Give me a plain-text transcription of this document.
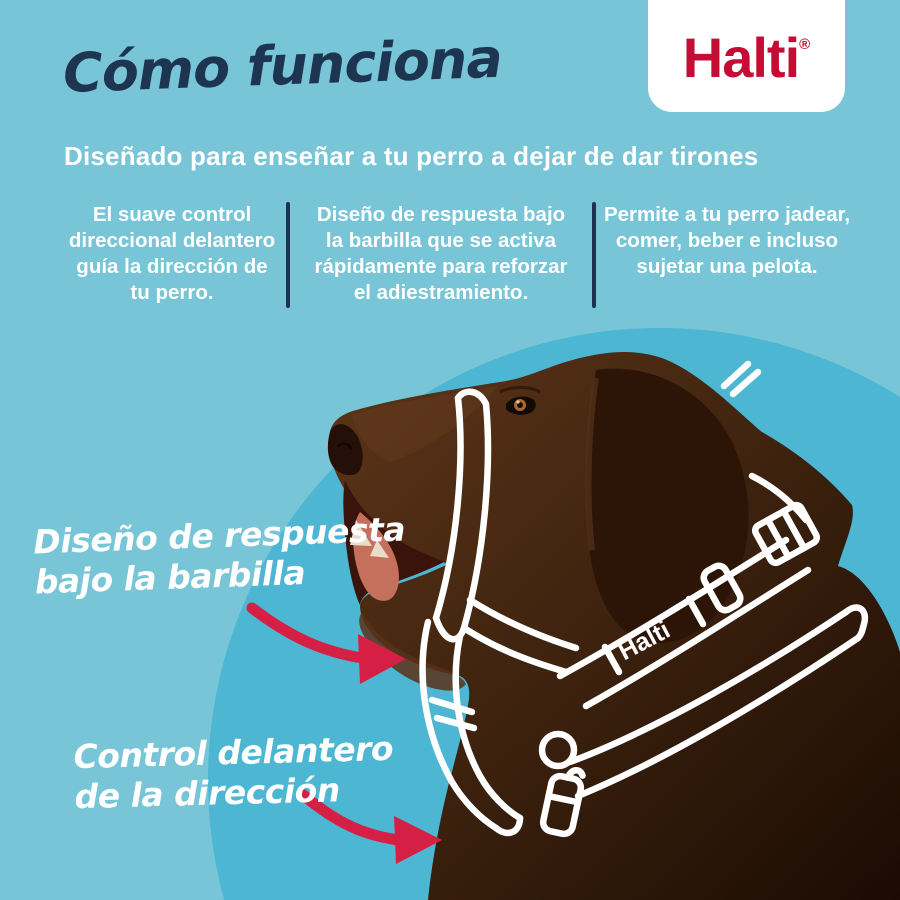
Halti
Halti®
Cómo funciona
Diseñado para enseñar a tu perro a dejar de dar tirones
El suave control
direccional delantero
guía la dirección de
tu perro.
Diseño de respuesta bajo
la barbilla que se activa
rápidamente para reforzar
el adiestramiento.
Permite a tu perro jadear,
comer, beber e incluso
sujetar una pelota.
Diseño de respuesta
bajo la barbilla
Control delantero
de la dirección
